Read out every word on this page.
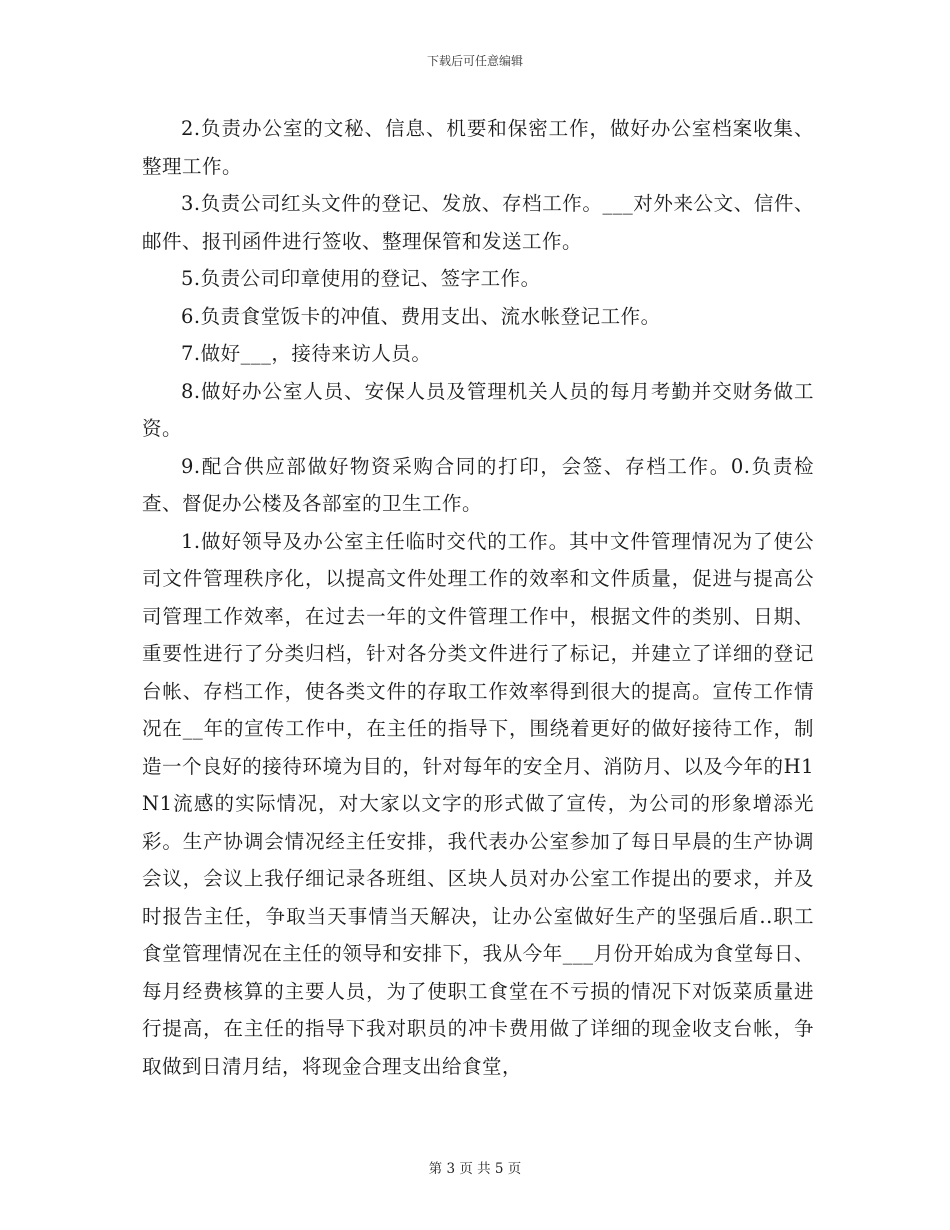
下载后可任意编辑

2.负责办公室的文秘、信息、机要和保密工作，做好办公室档案收集、整理工作。

3.负责公司红头文件的登记、发放、存档工作。___对外来公文、信件、邮件、报刊函件进行签收、整理保管和发送工作。

5.负责公司印章使用的登记、签字工作。

6.负责食堂饭卡的冲值、费用支出、流水帐登记工作。

7.做好___，接待来访人员。

8.做好办公室人员、安保人员及管理机关人员的每月考勤并交财务做工资。

9.配合供应部做好物资采购合同的打印，会签、存档工作。0.负责检查、督促办公楼及各部室的卫生工作。

1.做好领导及办公室主任临时交代的工作。其中文件管理情况为了使公司文件管理秩序化，以提高文件处理工作的效率和文件质量，促进与提高公司管理工作效率，在过去一年的文件管理工作中，根据文件的类别、日期、重要性进行了分类归档，针对各分类文件进行了标记，并建立了详细的登记台帐、存档工作，使各类文件的存取工作效率得到很大的提高。宣传工作情况在__年的宣传工作中，在主任的指导下，围绕着更好的做好接待工作，制造一个良好的接待环境为目的，针对每年的安全月、消防月、以及今年的H1N1流感的实际情况，对大家以文字的形式做了宣传，为公司的形象增添光彩。生产协调会情况经主任安排，我代表办公室参加了每日早晨的生产协调会议，会议上我仔细记录各班组、区块人员对办公室工作提出的要求，并及时报告主任，争取当天事情当天解决，让办公室做好生产的坚强后盾..职工食堂管理情况在主任的领导和安排下，我从今年___月份开始成为食堂每日、每月经费核算的主要人员，为了使职工食堂在不亏损的情况下对饭菜质量进行提高，在主任的指导下我对职员的冲卡费用做了详细的现金收支台帐，争取做到日清月结，将现金合理支出给食堂，

第 3 页 共 5 页
